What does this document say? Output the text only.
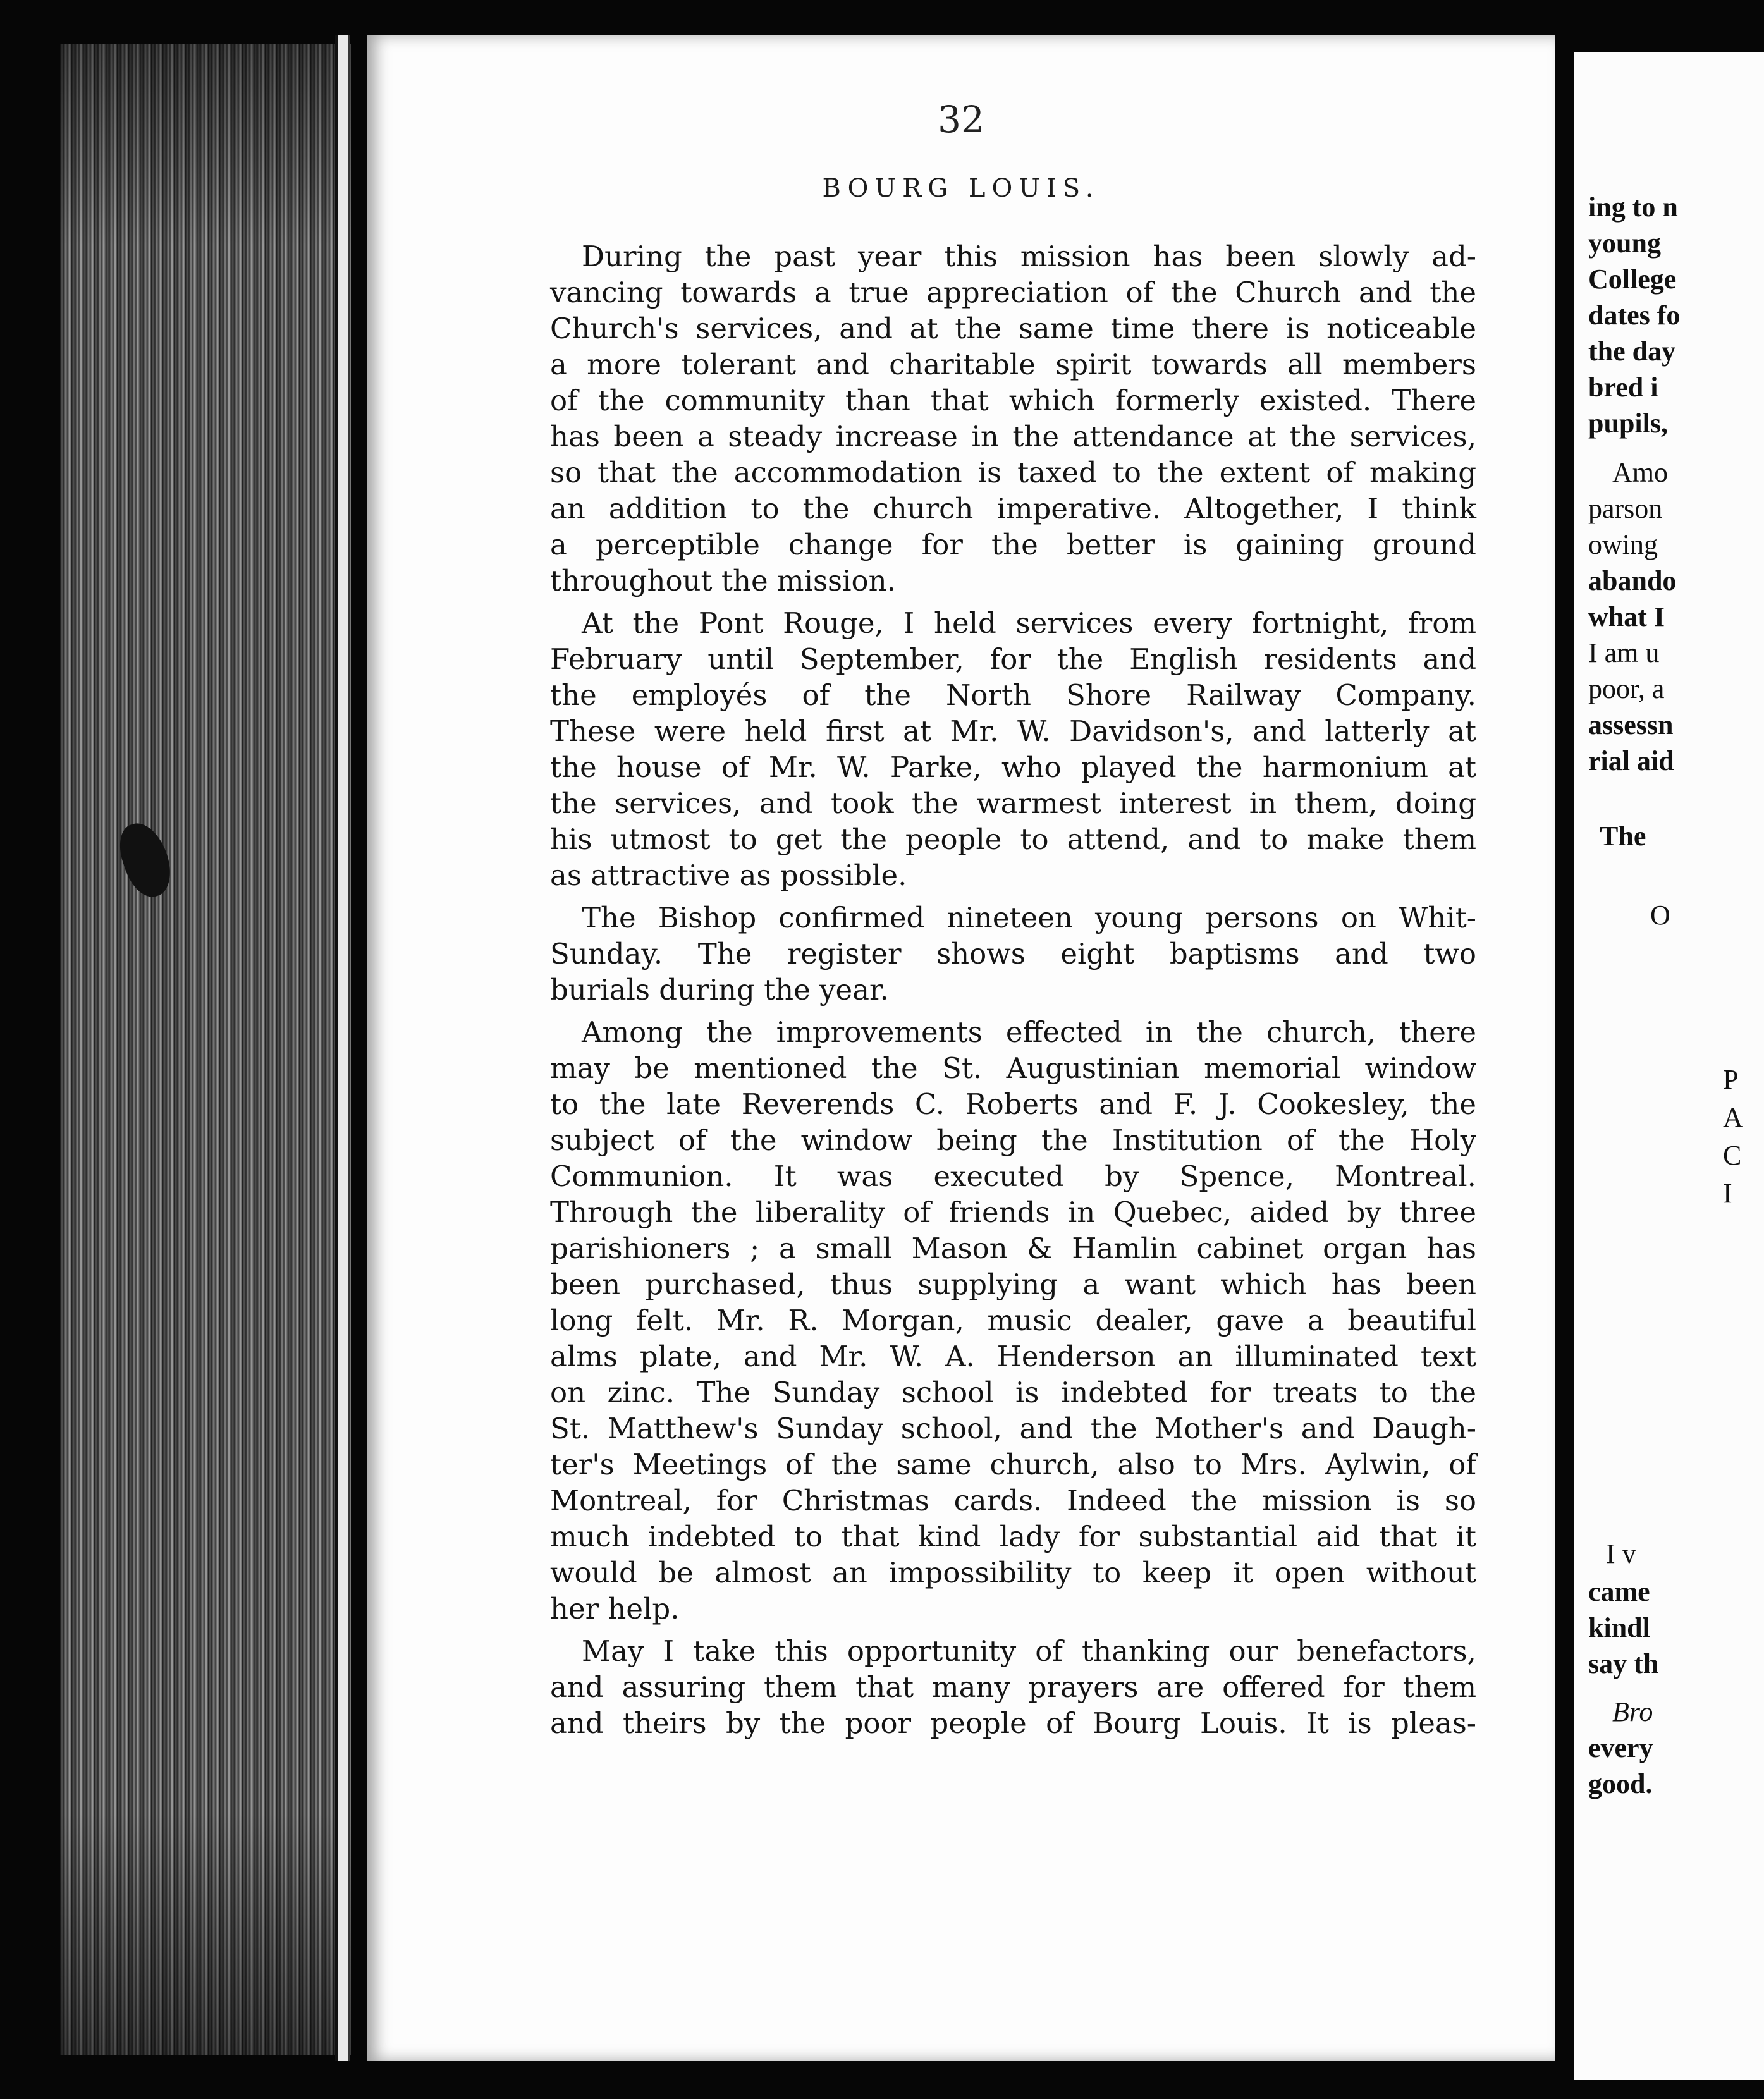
32
BOURG LOUIS.

During the past year this mission has been slowly ad-
vancing towards a true appreciation of the Church and the
Church's services, and at the same time there is noticeable
a more tolerant and charitable spirit towards all members
of the community than that which formerly existed. There
has been a steady increase in the attendance at the services,
so that the accommodation is taxed to the extent of making
an addition to the church imperative. Altogether, I think
a perceptible change for the better is gaining ground
throughout the mission.

At the Pont Rouge, I held services every fortnight, from
February until September, for the English residents and
the employés of the North Shore Railway Company.
These were held first at Mr. W. Davidson's, and latterly at
the house of Mr. W. Parke, who played the harmonium at
the services, and took the warmest interest in them, doing
his utmost to get the people to attend, and to make them
as attractive as possible.

The Bishop confirmed nineteen young persons on Whit-
Sunday. The register shows eight baptisms and two
burials during the year.

Among the improvements effected in the church, there
may be mentioned the St. Augustinian memorial window
to the late Reverends C. Roberts and F. J. Cookesley, the
subject of the window being the Institution of the Holy
Communion. It was executed by Spence, Montreal.
Through the liberality of friends in Quebec, aided by three
parishioners ; a small Mason & Hamlin cabinet organ has
been purchased, thus supplying a want which has been
long felt. Mr. R. Morgan, music dealer, gave a beautiful
alms plate, and Mr. W. A. Henderson an illuminated text
on zinc. The Sunday school is indebted for treats to the
St. Matthew's Sunday school, and the Mother's and Daugh-
ter's Meetings of the same church, also to Mrs. Aylwin, of
Montreal, for Christmas cards. Indeed the mission is so
much indebted to that kind lady for substantial aid that it
would be almost an impossibility to keep it open without
her help.

May I take this opportunity of thanking our benefactors,
and assuring them that many prayers are offered for them
and theirs by the poor people of Bourg Louis. It is pleas-

ing to n
young
College
dates fo
the day
bred i
pupils,
Amo
parson
owing
abando
what I
I am u
poor, a
assessn
rial aid
The
O
P
A
C
I
I v
came
kindl
say th
Bro
every
good.
